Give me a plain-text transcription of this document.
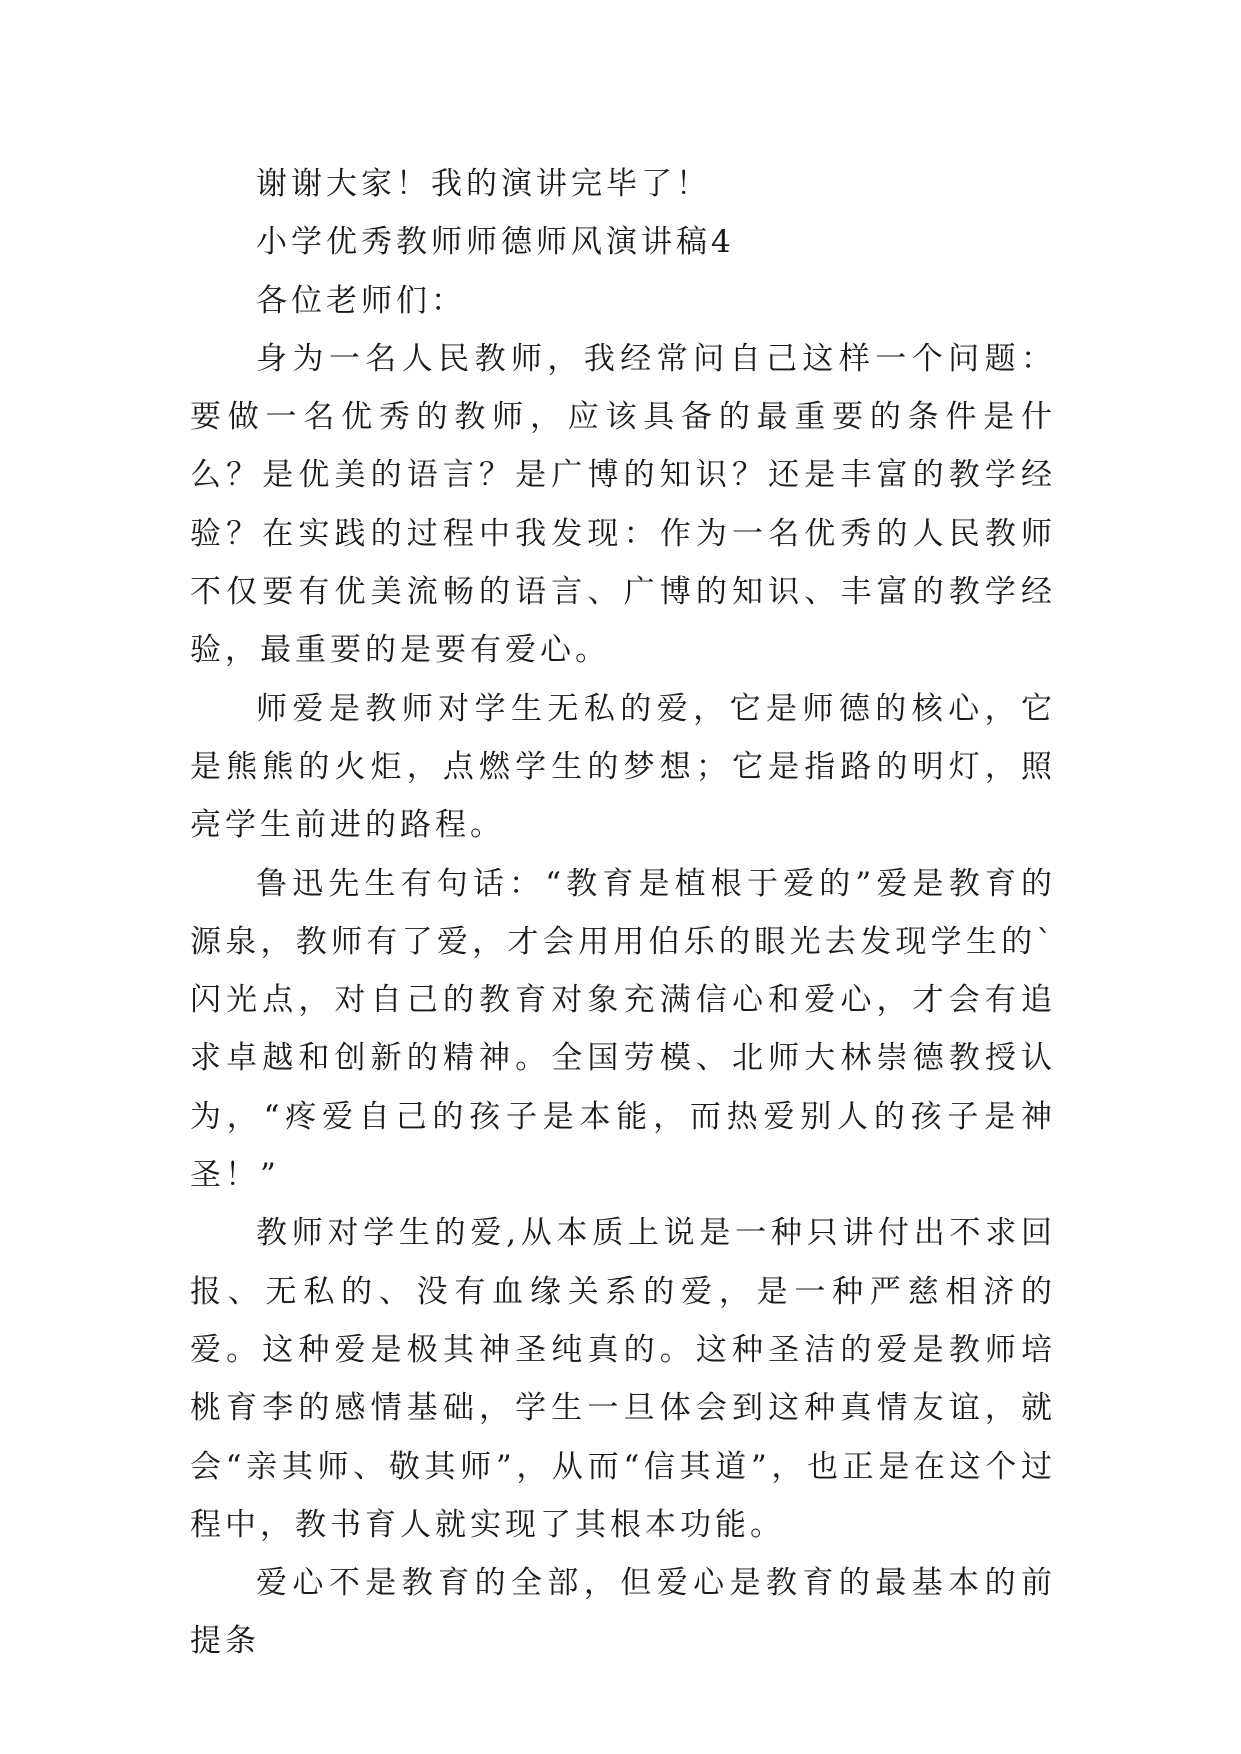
谢谢大家！我的演讲完毕了！

小学优秀教师师德师风演讲稿4

各位老师们：

身为一名人民教师，我经常问自己这样一个问题：要做一名优秀的教师，应该具备的最重要的条件是什么？是优美的语言？是广博的知识？还是丰富的教学经验？在实践的过程中我发现：作为一名优秀的人民教师不仅要有优美流畅的语言、广博的知识、丰富的教学经验，最重要的是要有爱心。

师爱是教师对学生无私的爱，它是师德的核心，它是熊熊的火炬，点燃学生的梦想；它是指路的明灯，照亮学生前进的路程。

鲁迅先生有句话：“教育是植根于爱的”爱是教育的源泉，教师有了爱，才会用用伯乐的眼光去发现学生的`闪光点，对自己的教育对象充满信心和爱心，才会有追求卓越和创新的精神。全国劳模、北师大林崇德教授认为，“疼爱自己的孩子是本能，而热爱别人的孩子是神圣！”

教师对学生的爱,从本质上说是一种只讲付出不求回报、无私的、没有血缘关系的爱，是一种严慈相济的爱。这种爱是极其神圣纯真的。这种圣洁的爱是教师培桃育李的感情基础，学生一旦体会到这种真情友谊，就会“亲其师、敬其师”，从而“信其道”，也正是在这个过程中，教书育人就实现了其根本功能。

爱心不是教育的全部，但爱心是教育的最基本的前提条
